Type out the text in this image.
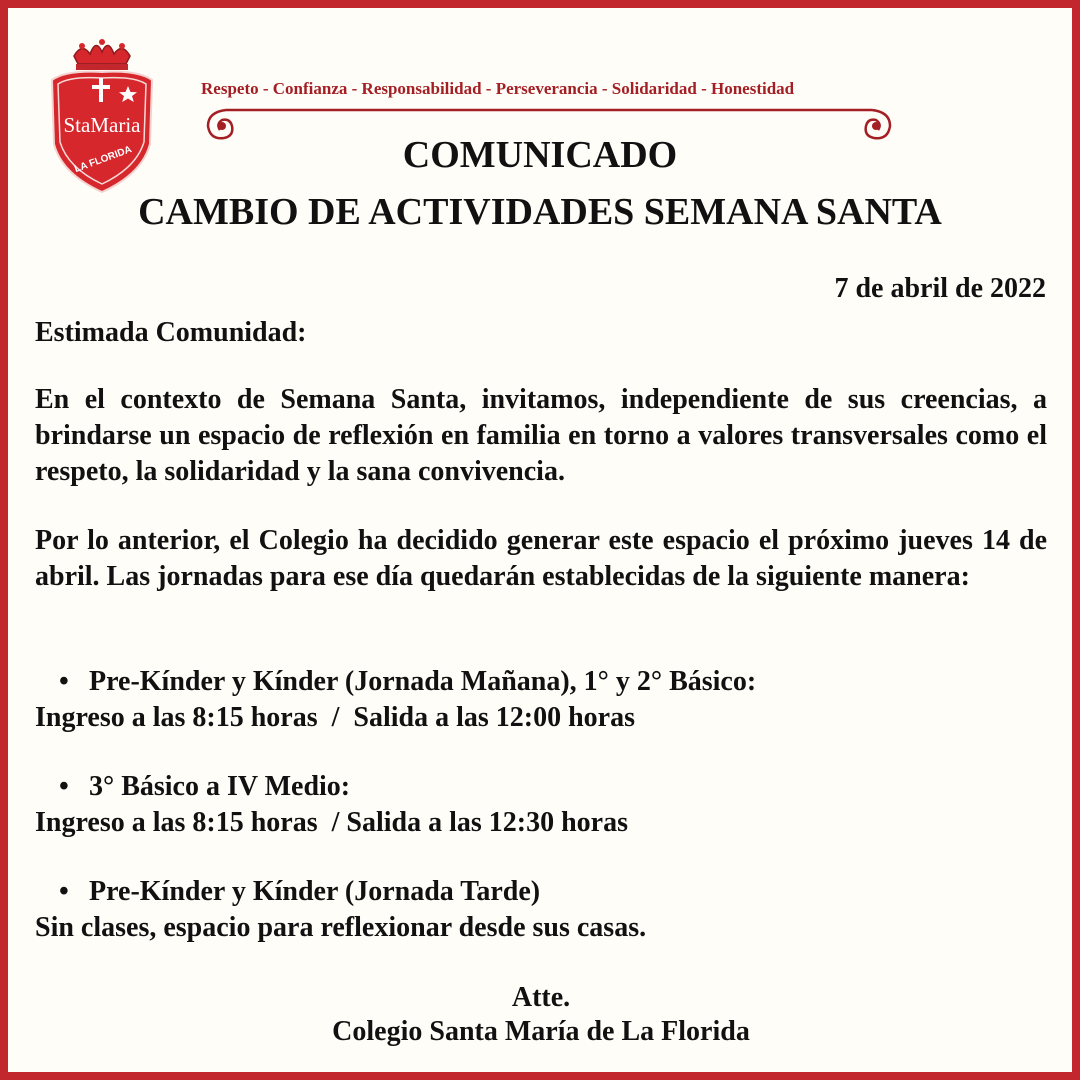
StaMaria
LA FLORIDA
Respeto - Confianza - Responsabilidad - Perseverancia - Solidaridad - Honestidad
COMUNICADO
CAMBIO DE ACTIVIDADES SEMANA SANTA
7 de abril de 2022
Estimada Comunidad:
En el contexto de Semana Santa, invitamos, independiente de sus creencias, a brindarse un espacio de reflexión en familia en torno a valores transversales como el respeto, la solidaridad y la sana convivencia.
Por lo anterior, el Colegio ha decidido generar este espacio el próximo jueves 14 de abril. Las jornadas para ese día quedarán establecidas de la siguiente manera:
• Pre-Kínder y Kínder (Jornada Mañana), 1° y 2° Básico:
Ingreso a las 8:15 horas  /  Salida a las 12:00 horas
• 3° Básico a IV Medio:
Ingreso a las 8:15 horas  / Salida a las 12:30 horas
• Pre-Kínder y Kínder (Jornada Tarde)
Sin clases, espacio para reflexionar desde sus casas.
Atte.
Colegio Santa María de La Florida
